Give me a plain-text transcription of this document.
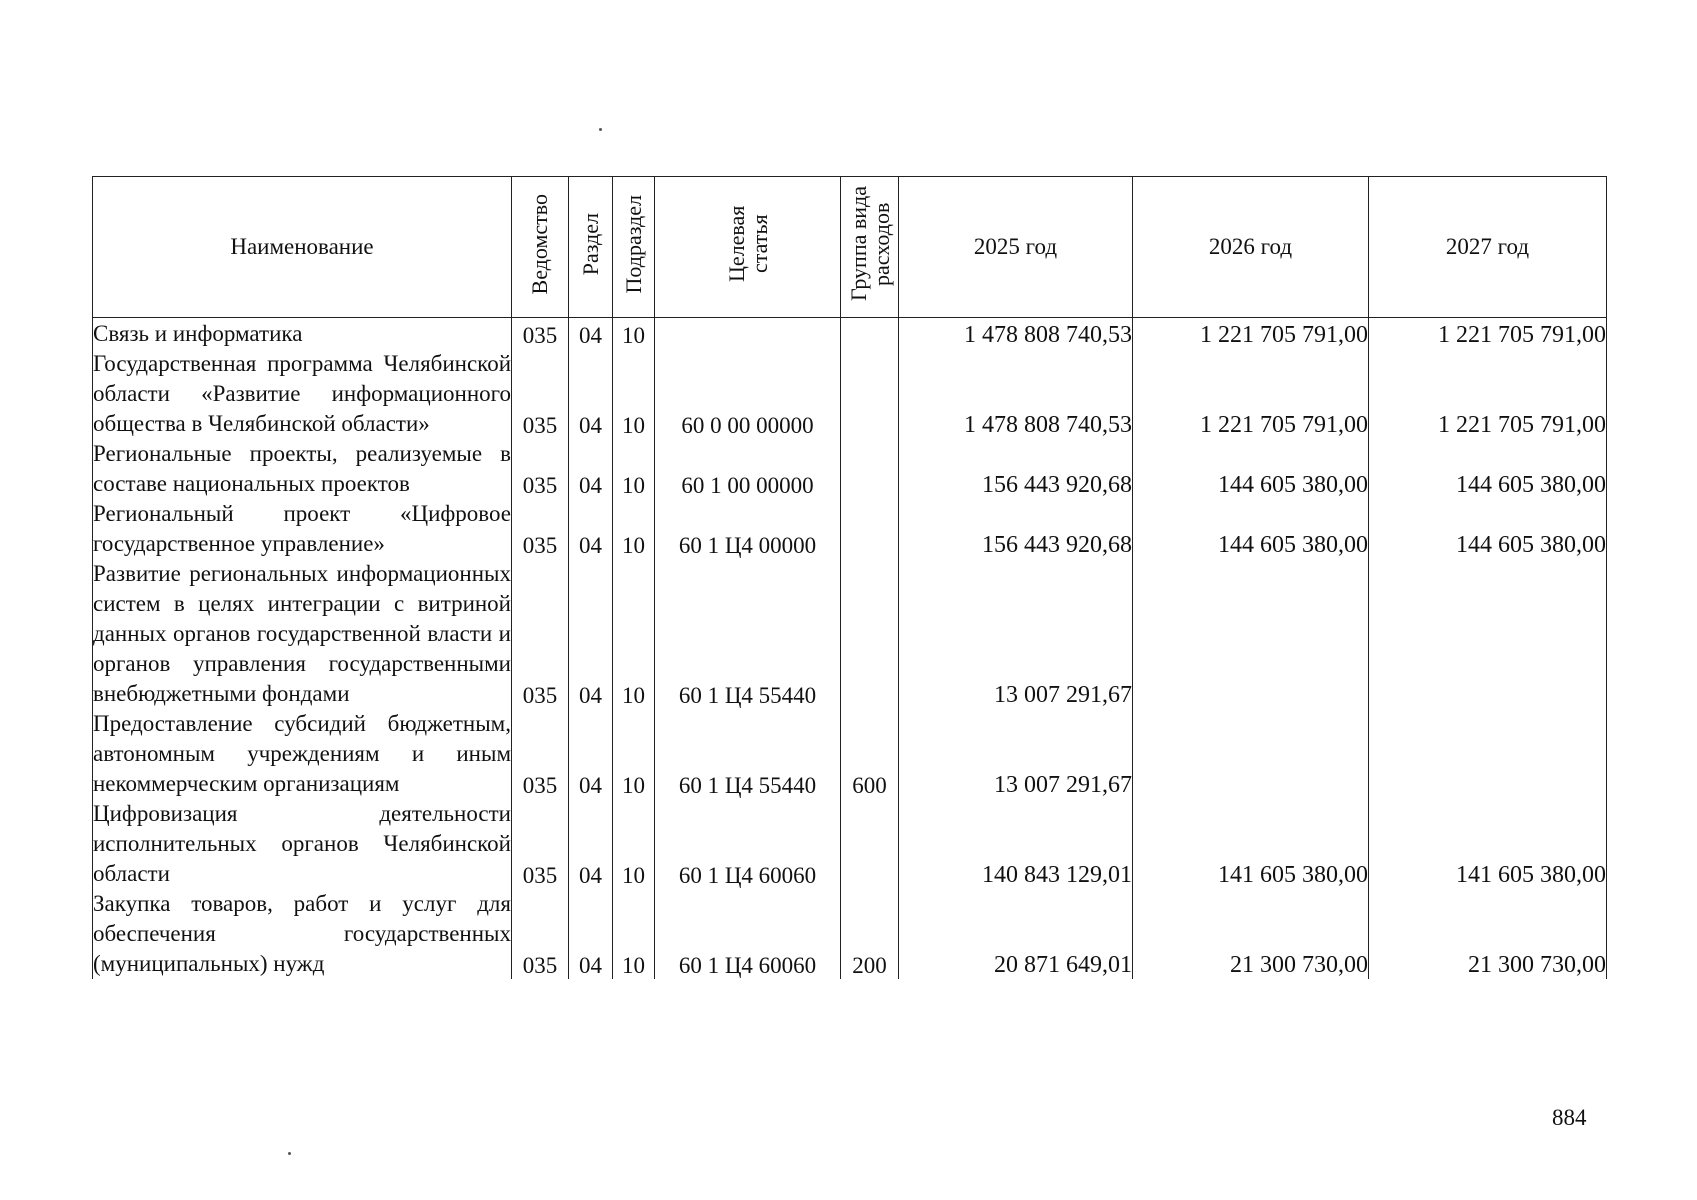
Наименование	Ведомство	Раздел	Подраздел	Целевая статья	Группа вида расходов	2025 год	2026 год	2027 год
Связь и информатика	035	04	10			1 478 808 740,53	1 221 705 791,00	1 221 705 791,00
Государственная программа Челябинской области «Развитие информационного общества в Челябинской области»	035	04	10	60 0 00 00000		1 478 808 740,53	1 221 705 791,00	1 221 705 791,00
Региональные проекты, реализуемые в составе национальных проектов	035	04	10	60 1 00 00000		156 443 920,68	144 605 380,00	144 605 380,00
Региональный проект «Цифровое государственное управление»	035	04	10	60 1 Ц4 00000		156 443 920,68	144 605 380,00	144 605 380,00
Развитие региональных информационных систем в целях интеграции с витриной данных органов государственной власти и органов управления государственными внебюджетными фондами	035	04	10	60 1 Ц4 55440		13 007 291,67		
Предоставление субсидий бюджетным, автономным учреждениям и иным некоммерческим организациям	035	04	10	60 1 Ц4 55440	600	13 007 291,67		
Цифровизация деятельности исполнительных органов Челябинской области	035	04	10	60 1 Ц4 60060		140 843 129,01	141 605 380,00	141 605 380,00
Закупка товаров, работ и услуг для обеспечения государственных (муниципальных) нужд	035	04	10	60 1 Ц4 60060	200	20 871 649,01	21 300 730,00	21 300 730,00
884
